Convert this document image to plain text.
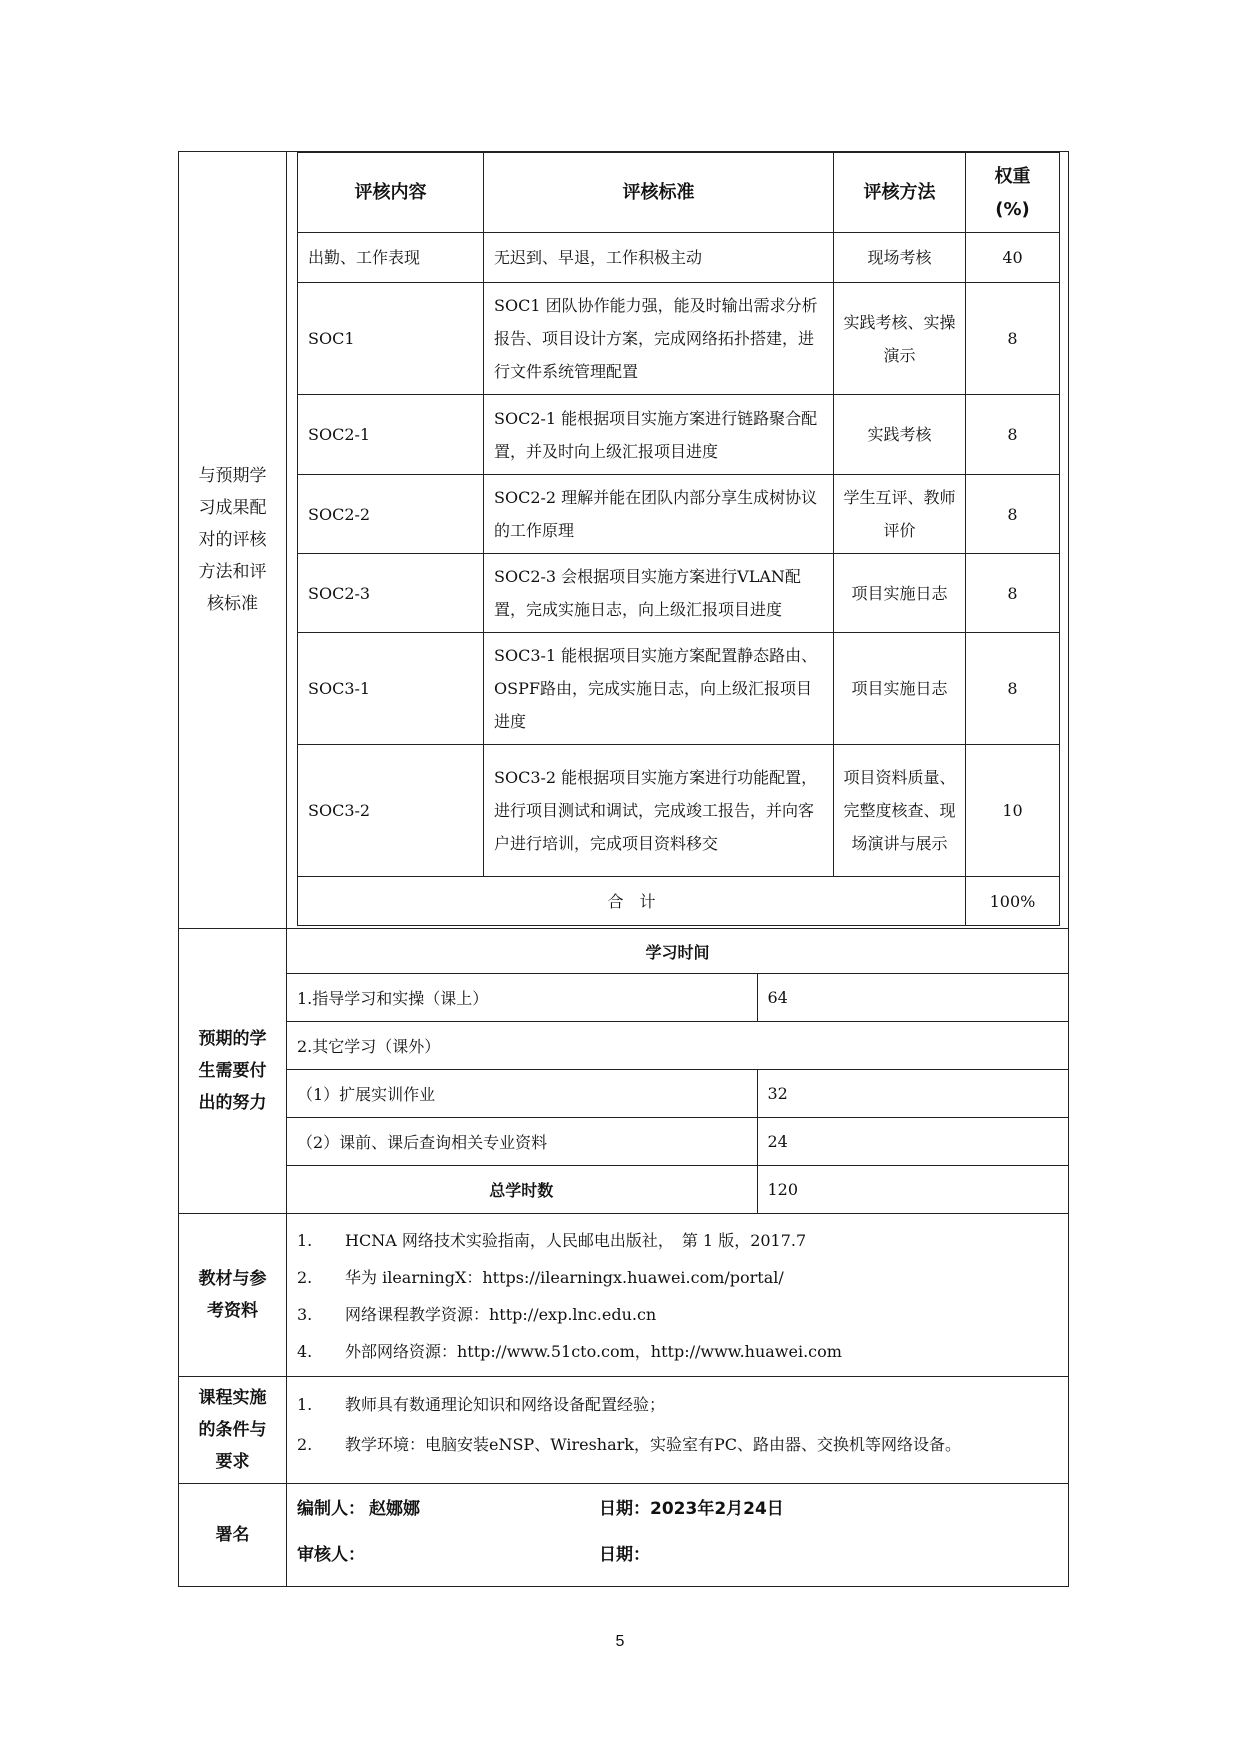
与预期学习成果配对的评核方法和评核标准	
评核内容	评核标准	评核方法	权重(%)
出勤、工作表现	无迟到、早退，工作积极主动	现场考核	40
SOC1	SOC1 团队协作能力强，能及时输出需求分析报告、项目设计方案，完成网络拓扑搭建，进行文件系统管理配置	实践考核、实操演示	8
SOC2-1	SOC2-1 能根据项目实施方案进行链路聚合配置，并及时向上级汇报项目进度	实践考核	8
SOC2-2	SOC2-2 理解并能在团队内部分享生成树协议的工作原理	学生互评、教师评价	8
SOC2-3	SOC2-3 会根据项目实施方案进行VLAN配置，完成实施日志，向上级汇报项目进度	项目实施日志	8
SOC3-1	SOC3-1 能根据项目实施方案配置静态路由、OSPF路由，完成实施日志，向上级汇报项目进度	项目实施日志	8
SOC3-2	SOC3-2 能根据项目实施方案进行功能配置，进行项目测试和调试，完成竣工报告，并向客户进行培训，完成项目资料移交	项目资料质量、完整度核查、现场演讲与展示	10
合　计	100%

预期的学生需要付出的努力	
学习时间
1.指导学习和实操（课上）	64
2.其它学习（课外）
（1）扩展实训作业	32
（2）课前、课后查询相关专业资料	24
总学时数	120

教材与参考资料	
1.	HCNA 网络技术实验指南，人民邮电出版社，　第 1 版，2017.7
2.	华为 ilearningX：https://ilearningx.huawei.com/portal/
3.	网络课程教学资源：http://exp.lnc.edu.cn
4.	外部网络资源：http://www.51cto.com，http://www.huawei.com

课程实施的条件与要求	
1.	教师具有数通理论知识和网络设备配置经验；
2.	教学环境：电脑安装eNSP、Wireshark，实验室有PC、路由器、交换机等网络设备。

署名	
编制人： 赵娜娜	日期： 2023年2月24日
审核人：	日期：
5
